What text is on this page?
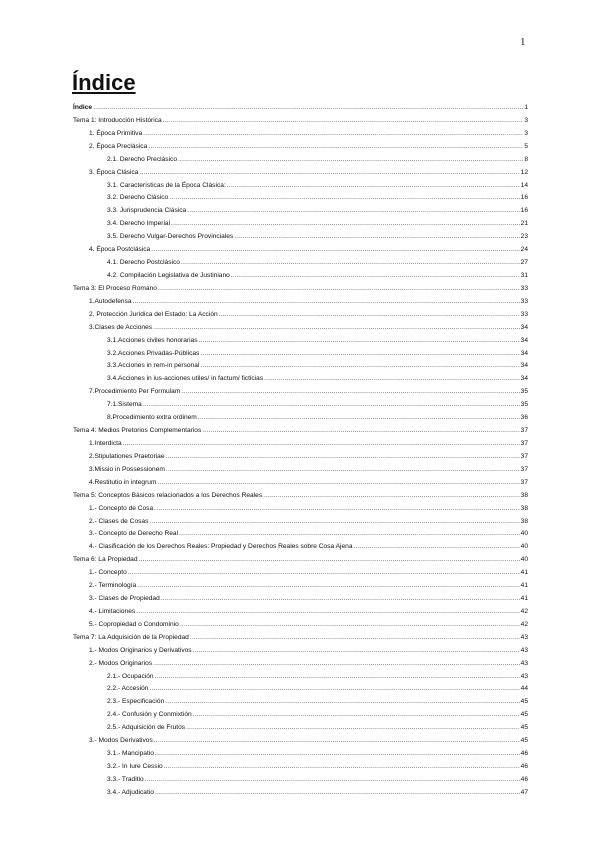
1
Índice
Índice .....	1
Tema 1: Introducción Histórica .....	3
1. Época Primitiva .....	3
2. Época Preclásica .....	5
2.1. Derecho Preclásico .....	8
3. Época Clásica .....	12
3.1. Características de la Época Clásica: .....	14
3.2. Derecho Clásico .....	16
3.3. Jurisprudencia Clásica .....	16
3.4. Derecho Imperial .....	21
3.5. Derecho Vulgar-Derechos Provinciales .....	23
4. Época Postclásica .....	24
4.1. Derecho Postclásico .....	27
4.2. Compilación Legislativa de Justiniano .....	31
Tema 3: El Proceso Romano .....	33
1.Autodefensa .....	33
2. Protección Jurídica del Estado: La Acción .....	33
3.Clases de Acciones .....	34
3.1.Acciones civiles honorarias .....	34
3.2.Acciones Privadas-Públicas .....	34
3.3.Acciones in rem-in personal .....	34
3.4.Acciones in ius-acciones utiles/ in factum/ ficticias .....	34
7.Procedimiento Per Formulam .....	35
7.1.Sistema .....	35
8.Procedimiento extra ordinem .....	36
Tema 4: Medios Pretorios Complementarios .....	37
1.Interdicta .....	37
2.Stipulationes Praetoriae .....	37
3.Missio in Possessionem .....	37
4.Restitutio in integrum .....	37
Tema 5: Conceptos Básicos relacionados a los Derechos Reales .....	38
1.- Concepto de Cosa .....	38
2.- Clases de Cosas .....	38
3.- Concepto de Derecho Real .....	40
4.- Clasificación de los Derechos Reales: Propiedad y Derechos Reales sobre Cosa Ajena .....	40
Tema 6: La Propiedad .....	40
1.- Concepto .....	41
2.- Terminología .....	41
3.- Clases de Propiedad .....	41
4.- Limitaciones .....	42
5.- Copropiedad o Condominio .....	42
Tema 7: La Adquisición de la Propiedad .....	43
1.- Modos Originarios y Derivativos .....	43
2.- Modos Originarios .....	43
2.1.- Ocupación .....	43
2.2.- Accesión .....	44
2.3.- Especificación .....	45
2.4.- Confusión y Conmixtión .....	45
2.5.- Adquisición de Frutos .....	45
3.- Modos Derivativos .....	45
3.1.- Mancipatio .....	46
3.2.- In Iure Cessio .....	46
3.3.- Traditio .....	46
3.4.- Adjudicatio .....	47
